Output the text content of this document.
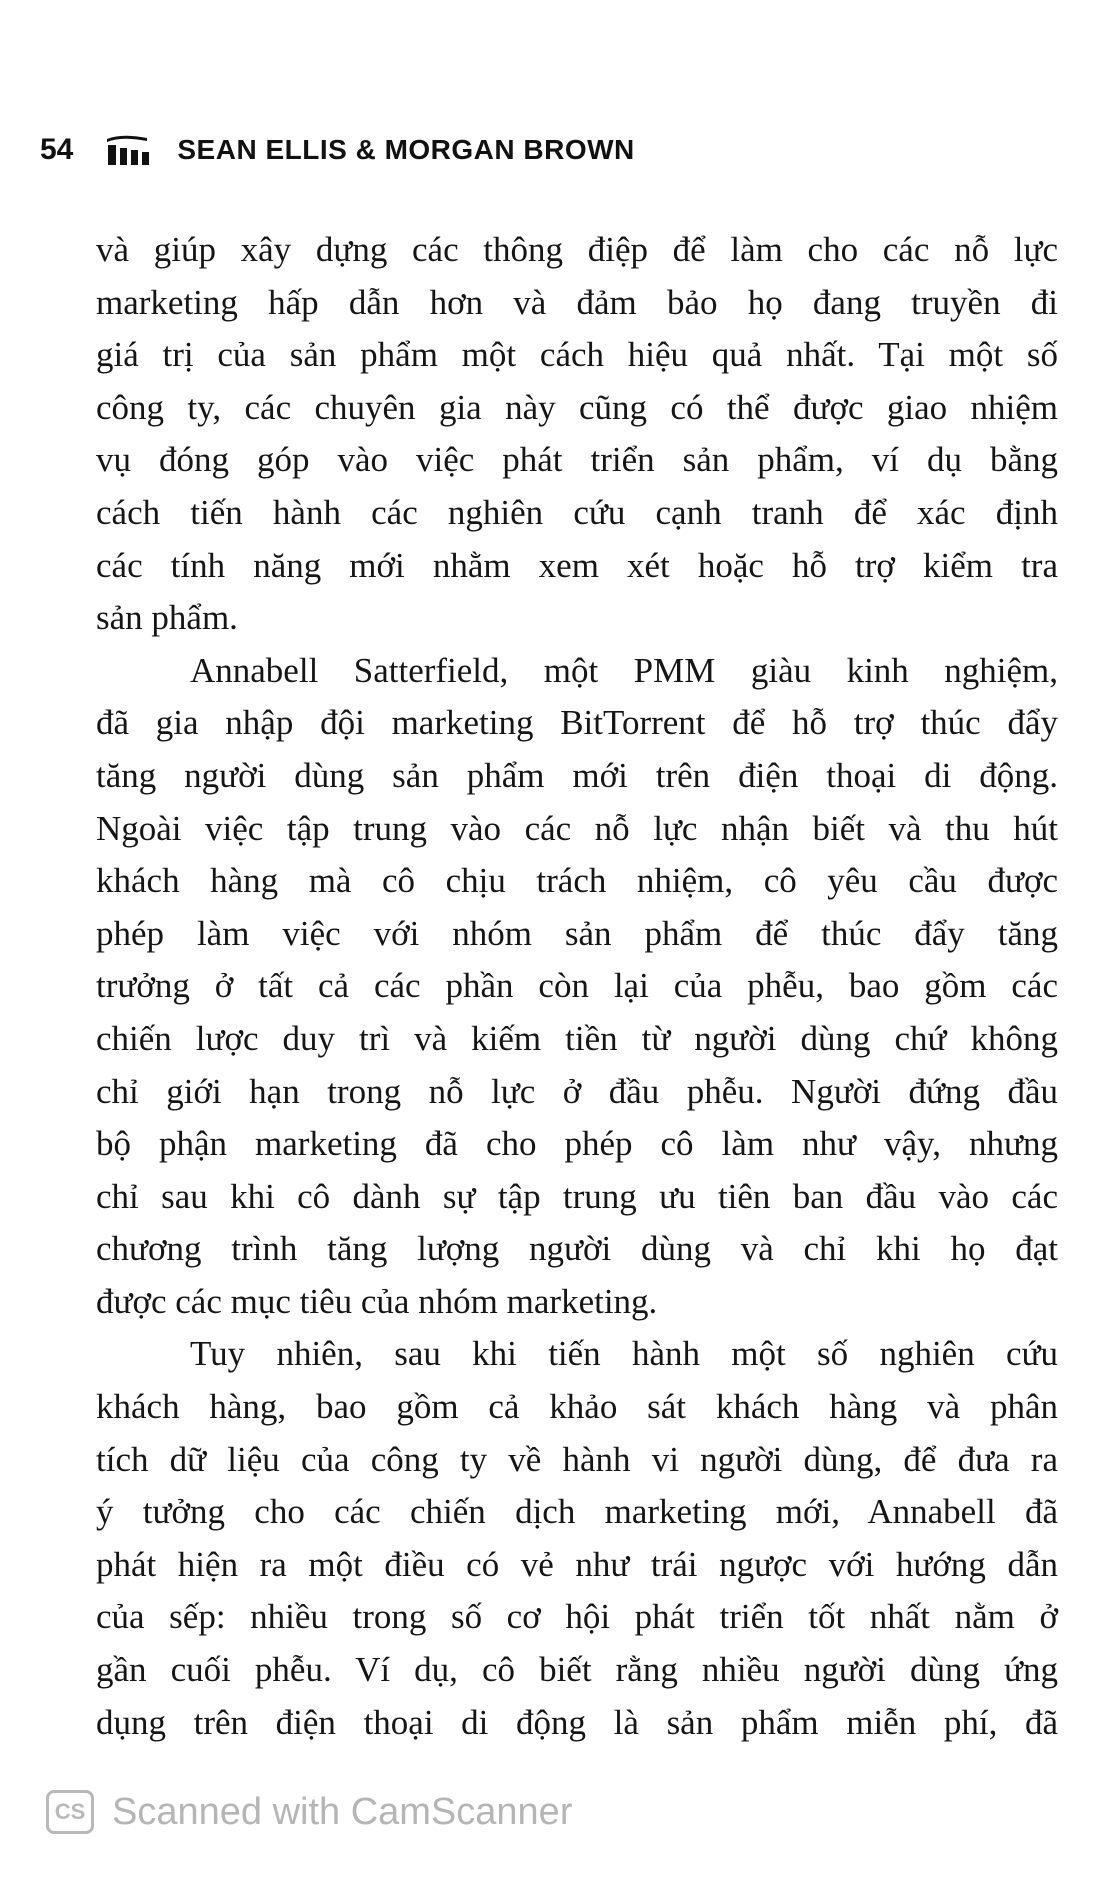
54	SEAN ELLIS & MORGAN BROWN
và giúp xây dựng các thông điệp để làm cho các nỗ lực
marketing hấp dẫn hơn và đảm bảo họ đang truyền đi
giá trị của sản phẩm một cách hiệu quả nhất. Tại một số
công ty, các chuyên gia này cũng có thể được giao nhiệm
vụ đóng góp vào việc phát triển sản phẩm, ví dụ bằng
cách tiến hành các nghiên cứu cạnh tranh để xác định
các tính năng mới nhằm xem xét hoặc hỗ trợ kiểm tra
sản phẩm.
Annabell Satterfield, một PMM giàu kinh nghiệm,
đã gia nhập đội marketing BitTorrent để hỗ trợ thúc đẩy
tăng người dùng sản phẩm mới trên điện thoại di động.
Ngoài việc tập trung vào các nỗ lực nhận biết và thu hút
khách hàng mà cô chịu trách nhiệm, cô yêu cầu được
phép làm việc với nhóm sản phẩm để thúc đẩy tăng
trưởng ở tất cả các phần còn lại của phễu, bao gồm các
chiến lược duy trì và kiếm tiền từ người dùng chứ không
chỉ giới hạn trong nỗ lực ở đầu phễu. Người đứng đầu
bộ phận marketing đã cho phép cô làm như vậy, nhưng
chỉ sau khi cô dành sự tập trung ưu tiên ban đầu vào các
chương trình tăng lượng người dùng và chỉ khi họ đạt
được các mục tiêu của nhóm marketing.
Tuy nhiên, sau khi tiến hành một số nghiên cứu
khách hàng, bao gồm cả khảo sát khách hàng và phân
tích dữ liệu của công ty về hành vi người dùng, để đưa ra
ý tưởng cho các chiến dịch marketing mới, Annabell đã
phát hiện ra một điều có vẻ như trái ngược với hướng dẫn
của sếp: nhiều trong số cơ hội phát triển tốt nhất nằm ở
gần cuối phễu. Ví dụ, cô biết rằng nhiều người dùng ứng
dụng trên điện thoại di động là sản phẩm miễn phí, đã
CS Scanned with CamScanner
